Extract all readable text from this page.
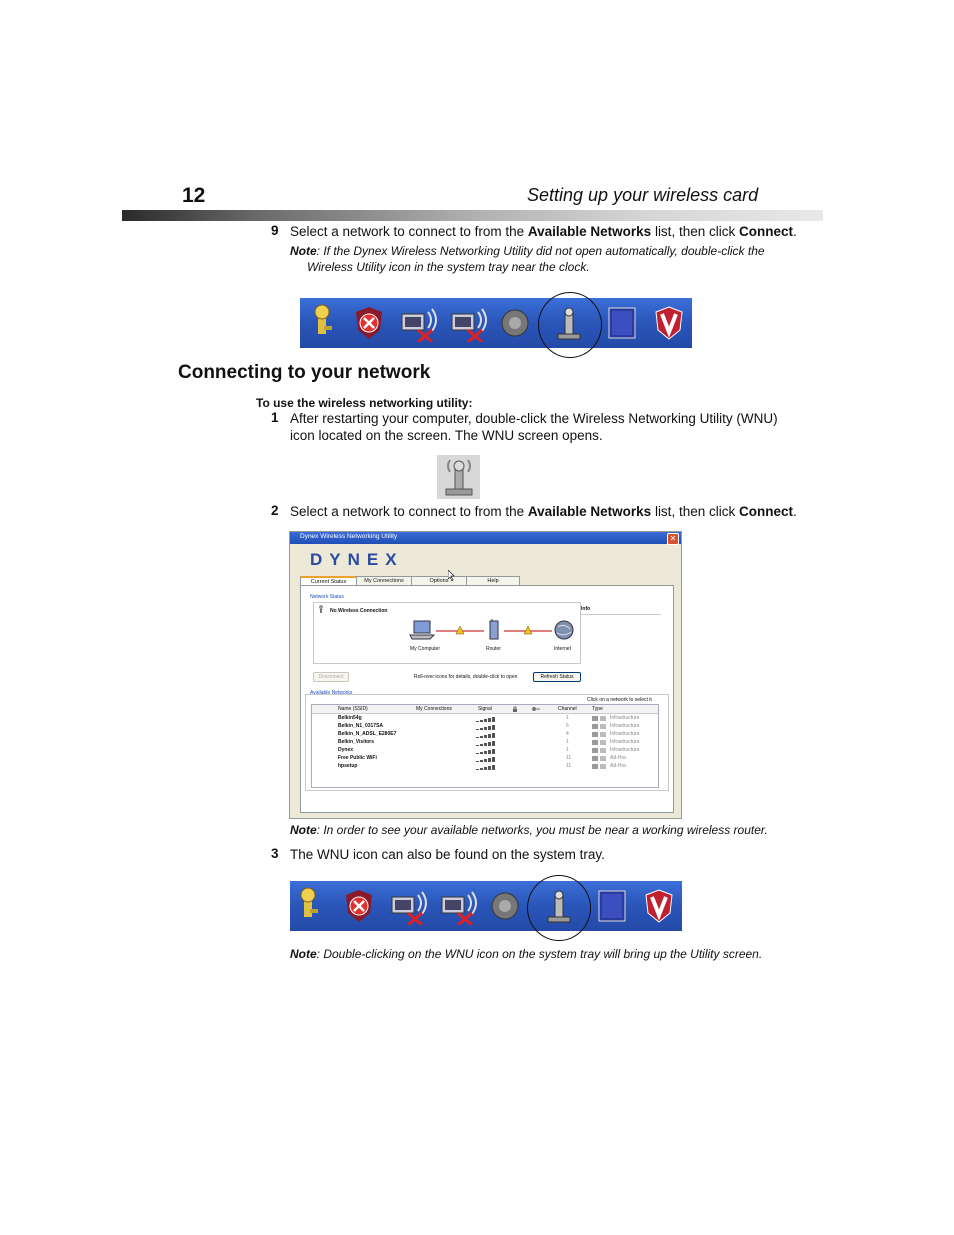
12	Setting up your wireless card
9 Select a network to connect to from the Available Networks list, then click Connect.
Note: If the Dynex Wireless Networking Utility did not open automatically, double-click the
Wireless Utility icon in the system tray near the clock.
Connecting to your network
To use the wireless networking utility:
1 After restarting your computer, double-click the Wireless Networking Utility (WNU)
icon located on the screen. The WNU screen opens.
2 Select a network to connect to from the Available Networks list, then click Connect.
Dynex Wireless Networking Utility	✕
DYNEX
Current Status	My Connections	Options	Help
Network Status
No Wireless Connection
My Computer	Router	Internet
Info
Disconnect	Roll-over icons for details, double-click to open	Refresh Status
Available Networks
Click on a network to select it
Name (SSID)	My Connections	Signal	Channel	Type
Belkin54g	1	Infrastructure
Belkin_N1_0317SA	6	Infrastructure
Belkin_N_ADSL_E280E7	4	Infrastructure
Belkin_Visitors	1	Infrastructure
Dynex	1	Infrastructure
Free Public WiFi	11	Ad-Hoc
hpsetup	11	Ad-Hoc
Note: In order to see your available networks, you must be near a working wireless router.
3 The WNU icon can also be found on the system tray.
Note: Double-clicking on the WNU icon on the system tray will bring up the Utility screen.
